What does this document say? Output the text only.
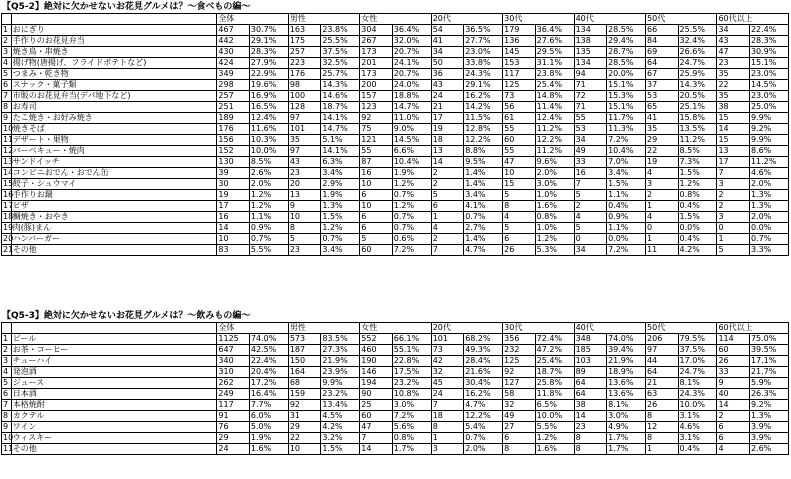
【Q5-2】絶対に欠かせないお花見グルメは？～食べもの編～
		全体		男性		女性		20代		30代		40代		50代		60代以上	
1	おにぎり	467	30.7%	163	23.8%	304	36.4%	54	36.5%	179	36.4%	134	28.5%	66	25.5%	34	22.4%
2	手作りのお花見弁当	442	29.1%	175	25.5%	267	32.0%	41	27.7%	136	27.6%	138	29.4%	84	32.4%	43	28.3%
3	焼き鳥・串焼き	430	28.3%	257	37.5%	173	20.7%	34	23.0%	145	29.5%	135	28.7%	69	26.6%	47	30.9%
4	揚げ物(唐揚げ、フライドポテトなど)	424	27.9%	223	32.5%	201	24.1%	50	33.8%	153	31.1%	134	28.5%	64	24.7%	23	15.1%
5	つまみ・乾き物	349	22.9%	176	25.7%	173	20.7%	36	24.3%	117	23.8%	94	20.0%	67	25.9%	35	23.0%
6	スナック・菓子類	298	19.6%	98	14.3%	200	24.0%	43	29.1%	125	25.4%	71	15.1%	37	14.3%	22	14.5%
7	市販のお花見弁当(デパ地下など)	257	16.9%	100	14.6%	157	18.8%	24	16.2%	73	14.8%	72	15.3%	53	20.5%	35	23.0%
8	お寿司	251	16.5%	128	18.7%	123	14.7%	21	14.2%	56	11.4%	71	15.1%	65	25.1%	38	25.0%
9	たこ焼き・お好み焼き	189	12.4%	97	14.1%	92	11.0%	17	11.5%	61	12.4%	55	11.7%	41	15.8%	15	9.9%
10	焼きそば	176	11.6%	101	14.7%	75	9.0%	19	12.8%	55	11.2%	53	11.3%	35	13.5%	14	9.2%
11	デザート・果物	156	10.3%	35	5.1%	121	14.5%	18	12.2%	60	12.2%	34	7.2%	29	11.2%	15	9.9%
12	バーベキュー・焼肉	152	10.0%	97	14.1%	55	6.6%	13	8.8%	55	11.2%	49	10.4%	22	8.5%	13	8.6%
13	サンドイッチ	130	8.5%	43	6.3%	87	10.4%	14	9.5%	47	9.6%	33	7.0%	19	7.3%	17	11.2%
14	コンビニおでん・おでん缶	39	2.6%	23	3.4%	16	1.9%	2	1.4%	10	2.0%	16	3.4%	4	1.5%	7	4.6%
15	餃子・シュウマイ	30	2.0%	20	2.9%	10	1.2%	2	1.4%	15	3.0%	7	1.5%	3	1.2%	3	2.0%
16	手作りお鍋	19	1.2%	13	1.9%	6	0.7%	5	3.4%	5	1.0%	5	1.1%	2	0.8%	2	1.3%
17	ピザ	17	1.2%	9	1.3%	10	1.2%	6	4.1%	8	1.6%	2	0.4%	1	0.4%	2	1.3%
18	鯛焼き・おやき	16	1.1%	10	1.5%	6	0.7%	1	0.7%	4	0.8%	4	0.9%	4	1.5%	3	2.0%
19	肉(豚)まん	14	0.9%	8	1.2%	6	0.7%	4	2.7%	5	1.0%	5	1.1%	0	0.0%	0	0.0%
20	ハンバーガー	10	0.7%	5	0.7%	5	0.6%	2	1.4%	6	1.2%	0	0.0%	1	0.4%	1	0.7%
21	その他	83	5.5%	23	3.4%	60	7.2%	7	4.7%	26	5.3%	34	7.2%	11	4.2%	5	3.3%
【Q5-3】絶対に欠かせないお花見グルメは？～飲みもの編～
		全体		男性		女性		20代		30代		40代		50代		60代以上	
1	ビール	1125	74.0%	573	83.5%	552	66.1%	101	68.2%	356	72.4%	348	74.0%	206	79.5%	114	75.0%
2	お茶・コーヒー	647	42.5%	187	27.3%	460	55.1%	73	49.3%	232	47.2%	185	39.4%	97	37.5%	60	39.5%
3	チューハイ	340	22.4%	150	21.9%	190	22.8%	42	28.4%	125	25.4%	103	21.9%	44	17.0%	26	17.1%
4	発泡酒	310	20.4%	164	23.9%	146	17.5%	32	21.6%	92	18.7%	89	18.9%	64	24.7%	33	21.7%
5	ジュース	262	17.2%	68	9.9%	194	23.2%	45	30.4%	127	25.8%	64	13.6%	21	8.1%	9	5.9%
6	日本酒	249	16.4%	159	23.2%	90	10.8%	24	16.2%	58	11.8%	64	13.6%	63	24.3%	40	26.3%
7	本格焼酎	117	7.7%	92	13.4%	25	3.0%	7	4.7%	32	6.5%	38	8.1%	26	10.0%	14	9.2%
8	カクテル	91	6.0%	31	4.5%	60	7.2%	18	12.2%	49	10.0%	14	3.0%	8	3.1%	2	1.3%
9	ワイン	76	5.0%	29	4.2%	47	5.6%	8	5.4%	27	5.5%	23	4.9%	12	4.6%	6	3.9%
10	ウィスキー	29	1.9%	22	3.2%	7	0.8%	1	0.7%	6	1.2%	8	1.7%	8	3.1%	6	3.9%
11	その他	24	1.6%	10	1.5%	14	1.7%	3	2.0%	8	1.6%	8	1.7%	1	0.4%	4	2.6%
